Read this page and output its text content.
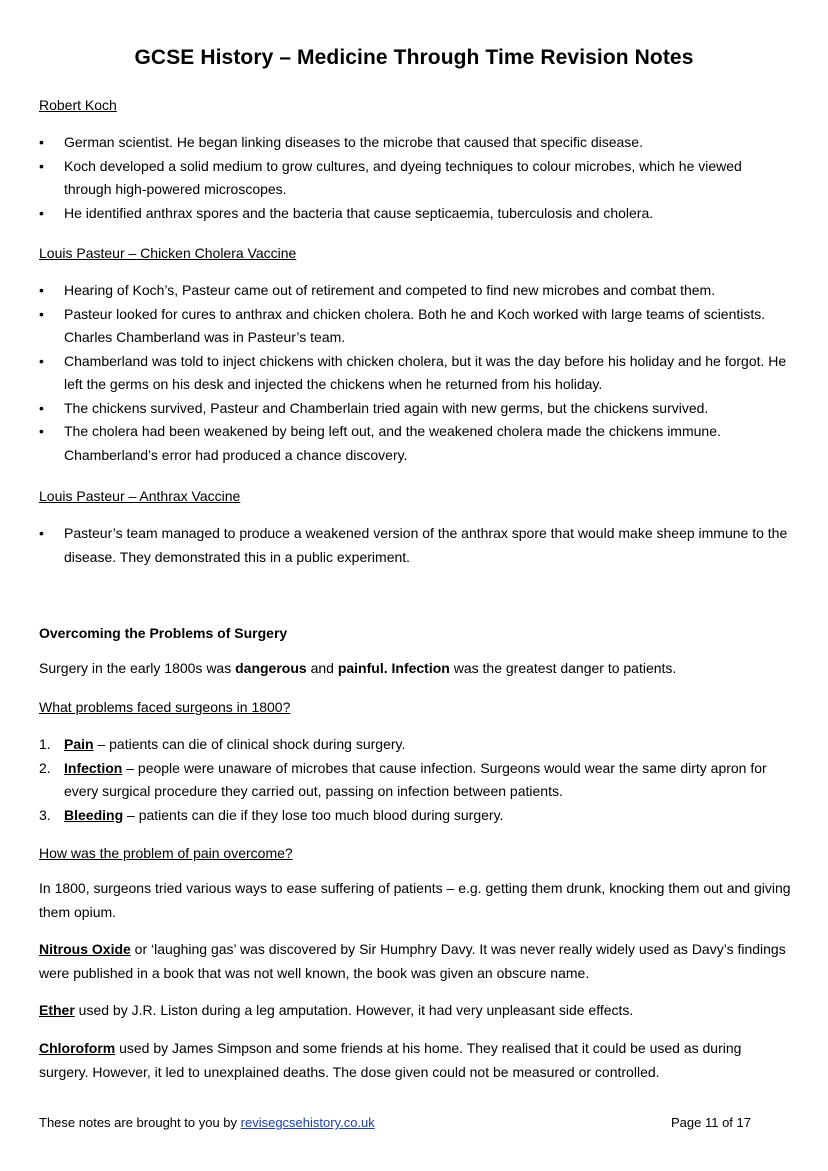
GCSE History – Medicine Through Time Revision Notes
Robert Koch
• German scientist. He began linking diseases to the microbe that caused that specific disease.
• Koch developed a solid medium to grow cultures, and dyeing techniques to colour microbes, which he viewed through high-powered microscopes.
• He identified anthrax spores and the bacteria that cause septicaemia, tuberculosis and cholera.
Louis Pasteur – Chicken Cholera Vaccine
• Hearing of Koch’s, Pasteur came out of retirement and competed to find new microbes and combat them.
• Pasteur looked for cures to anthrax and chicken cholera. Both he and Koch worked with large teams of scientists. Charles Chamberland was in Pasteur’s team.
• Chamberland was told to inject chickens with chicken cholera, but it was the day before his holiday and he forgot. He left the germs on his desk and injected the chickens when he returned from his holiday.
• The chickens survived, Pasteur and Chamberlain tried again with new germs, but the chickens survived.
• The cholera had been weakened by being left out, and the weakened cholera made the chickens immune. Chamberland’s error had produced a chance discovery.
Louis Pasteur – Anthrax Vaccine
• Pasteur’s team managed to produce a weakened version of the anthrax spore that would make sheep immune to the disease. They demonstrated this in a public experiment.
Overcoming the Problems of Surgery
Surgery in the early 1800s was dangerous and painful. Infection was the greatest danger to patients.
What problems faced surgeons in 1800?
1. Pain – patients can die of clinical shock during surgery.
2. Infection – people were unaware of microbes that cause infection. Surgeons would wear the same dirty apron for every surgical procedure they carried out, passing on infection between patients.
3. Bleeding – patients can die if they lose too much blood during surgery.
How was the problem of pain overcome?
In 1800, surgeons tried various ways to ease suffering of patients – e.g. getting them drunk, knocking them out and giving them opium.
Nitrous Oxide or ‘laughing gas’ was discovered by Sir Humphry Davy. It was never really widely used as Davy’s findings were published in a book that was not well known, the book was given an obscure name.
Ether used by J.R. Liston during a leg amputation. However, it had very unpleasant side effects.
Chloroform used by James Simpson and some friends at his home. They realised that it could be used as during surgery. However, it led to unexplained deaths. The dose given could not be measured or controlled.
These notes are brought to you by revisegcsehistory.co.uk	Page 11 of 17
